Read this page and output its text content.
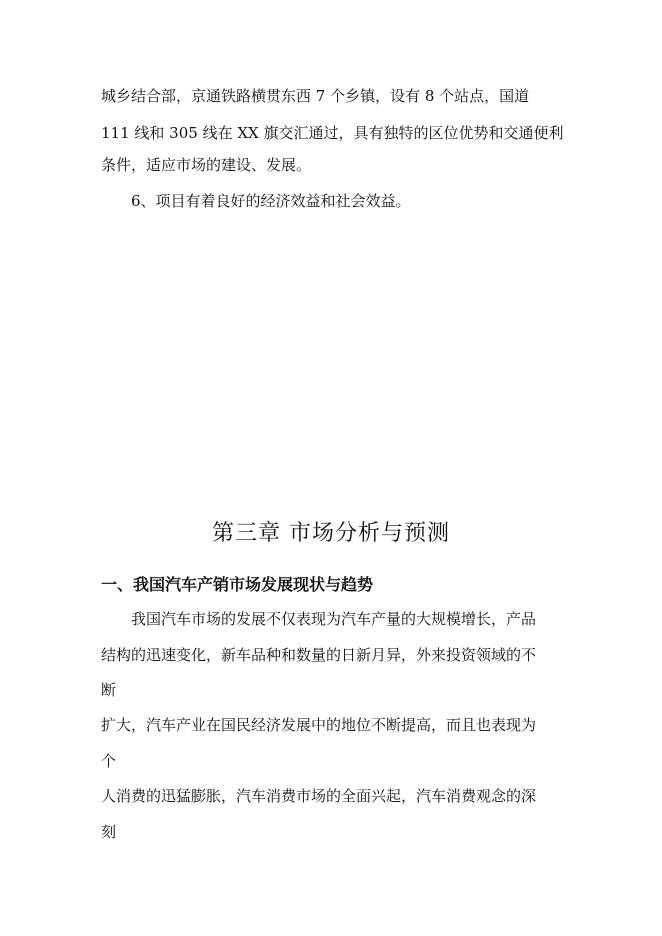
城乡结合部，京通铁路横贯东西 7 个乡镇，设有 8 个站点，国道
111 线和 305 线在 XX 旗交汇通过，具有独特的区位优势和交通便利
条件，适应市场的建设、发展。
6、项目有着良好的经济效益和社会效益。
第三章 市场分析与预测
一、我国汽车产销市场发展现状与趋势
我国汽车市场的发展不仅表现为汽车产量的大规模增长，产品
结构的迅速变化，新车品种和数量的日新月异，外来投资领域的不
断
扩大，汽车产业在国民经济发展中的地位不断提高，而且也表现为
个
人消费的迅猛膨胀，汽车消费市场的全面兴起，汽车消费观念的深
刻
